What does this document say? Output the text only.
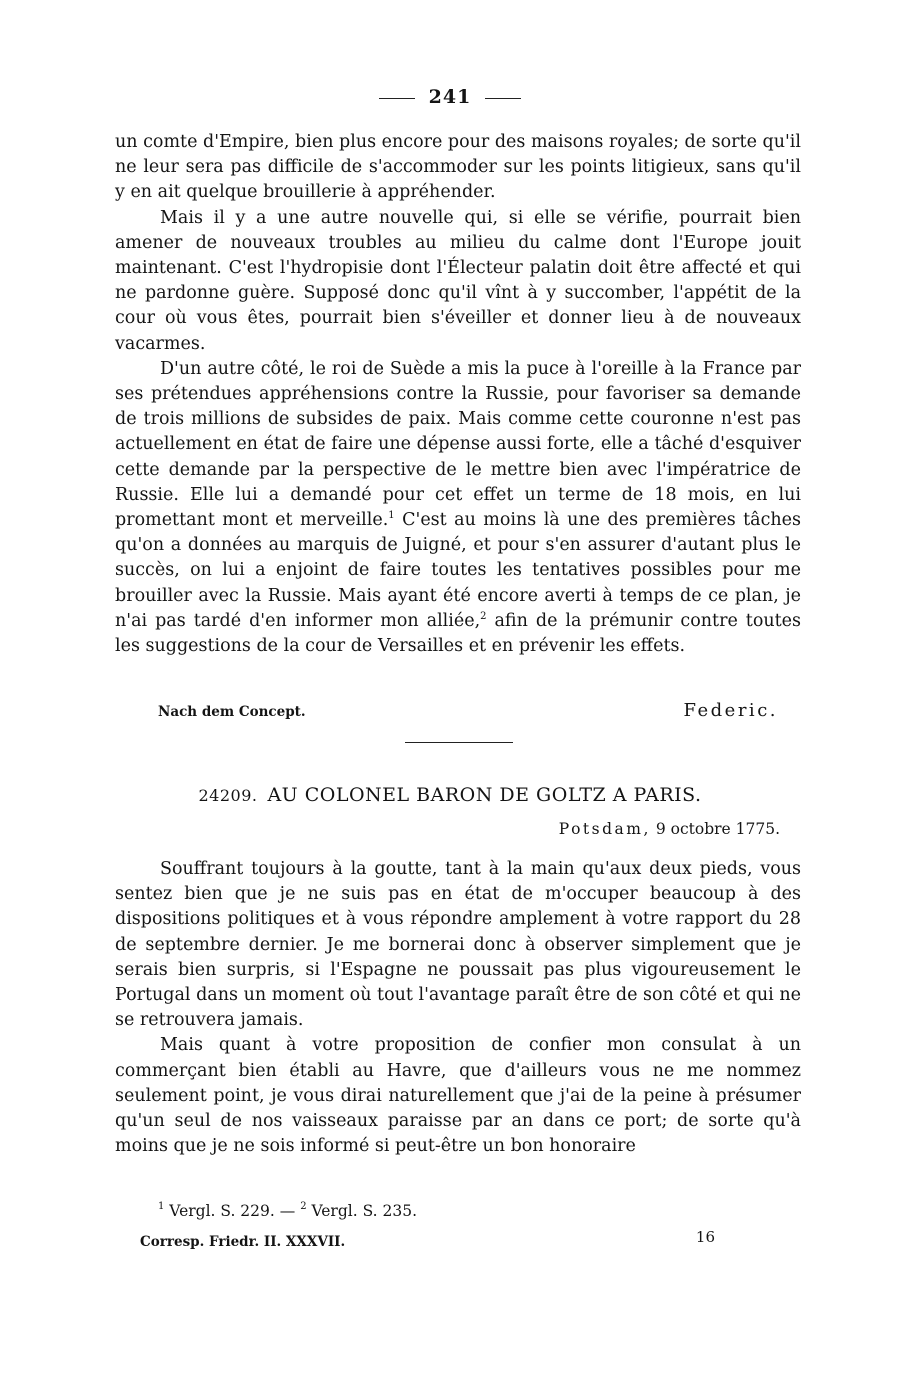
241

un comte d'Empire, bien plus encore pour des maisons royales; de sorte qu'il ne leur sera pas difficile de s'accommoder sur les points litigieux, sans qu'il y en ait quelque brouillerie à appréhender.

Mais il y a une autre nouvelle qui, si elle se vérifie, pourrait bien amener de nouveaux troubles au milieu du calme dont l'Europe jouit maintenant. C'est l'hydropisie dont l'Électeur palatin doit être affecté et qui ne pardonne guère. Supposé donc qu'il vînt à y succomber, l'appétit de la cour où vous êtes, pourrait bien s'éveiller et donner lieu à de nouveaux vacarmes.

D'un autre côté, le roi de Suède a mis la puce à l'oreille à la France par ses prétendues appréhensions contre la Russie, pour favoriser sa demande de trois millions de subsides de paix. Mais comme cette couronne n'est pas actuellement en état de faire une dépense aussi forte, elle a tâché d'esquiver cette demande par la perspective de le mettre bien avec l'impératrice de Russie. Elle lui a demandé pour cet effet un terme de 18 mois, en lui promettant mont et merveille.$^1$ C'est au moins là une des premières tâches qu'on a données au marquis de Juigné, et pour s'en assurer d'autant plus le succès, on lui a enjoint de faire toutes les tentatives possibles pour me brouiller avec la Russie. Mais ayant été encore averti à temps de ce plan, je n'ai pas tardé d'en informer mon alliée,$^2$ afin de la prémunir contre toutes les suggestions de la cour de Versailles et en prévenir les effets.

Nach dem Concept.	Federic.
24209. AU COLONEL BARON DE GOLTZ A PARIS.
Potsdam, 9 octobre 1775.

Souffrant toujours à la goutte, tant à la main qu'aux deux pieds, vous sentez bien que je ne suis pas en état de m'occuper beaucoup à des dispositions politiques et à vous répondre amplement à votre rapport du 28 de septembre dernier. Je me bornerai donc à observer simplement que je serais bien surpris, si l'Espagne ne poussait pas plus vigoureusement le Portugal dans un moment où tout l'avantage paraît être de son côté et qui ne se retrouvera jamais.

Mais quant à votre proposition de confier mon consulat à un commerçant bien établi au Havre, que d'ailleurs vous ne me nommez seulement point, je vous dirai naturellement que j'ai de la peine à présumer qu'un seul de nos vaisseaux paraisse par an dans ce port; de sorte qu'à moins que je ne sois informé si peut-être un bon honoraire

$^1$ Vergl. S. 229. — $^2$ Vergl. S. 235.
Corresp. Friedr. II. XXXVII.	16
